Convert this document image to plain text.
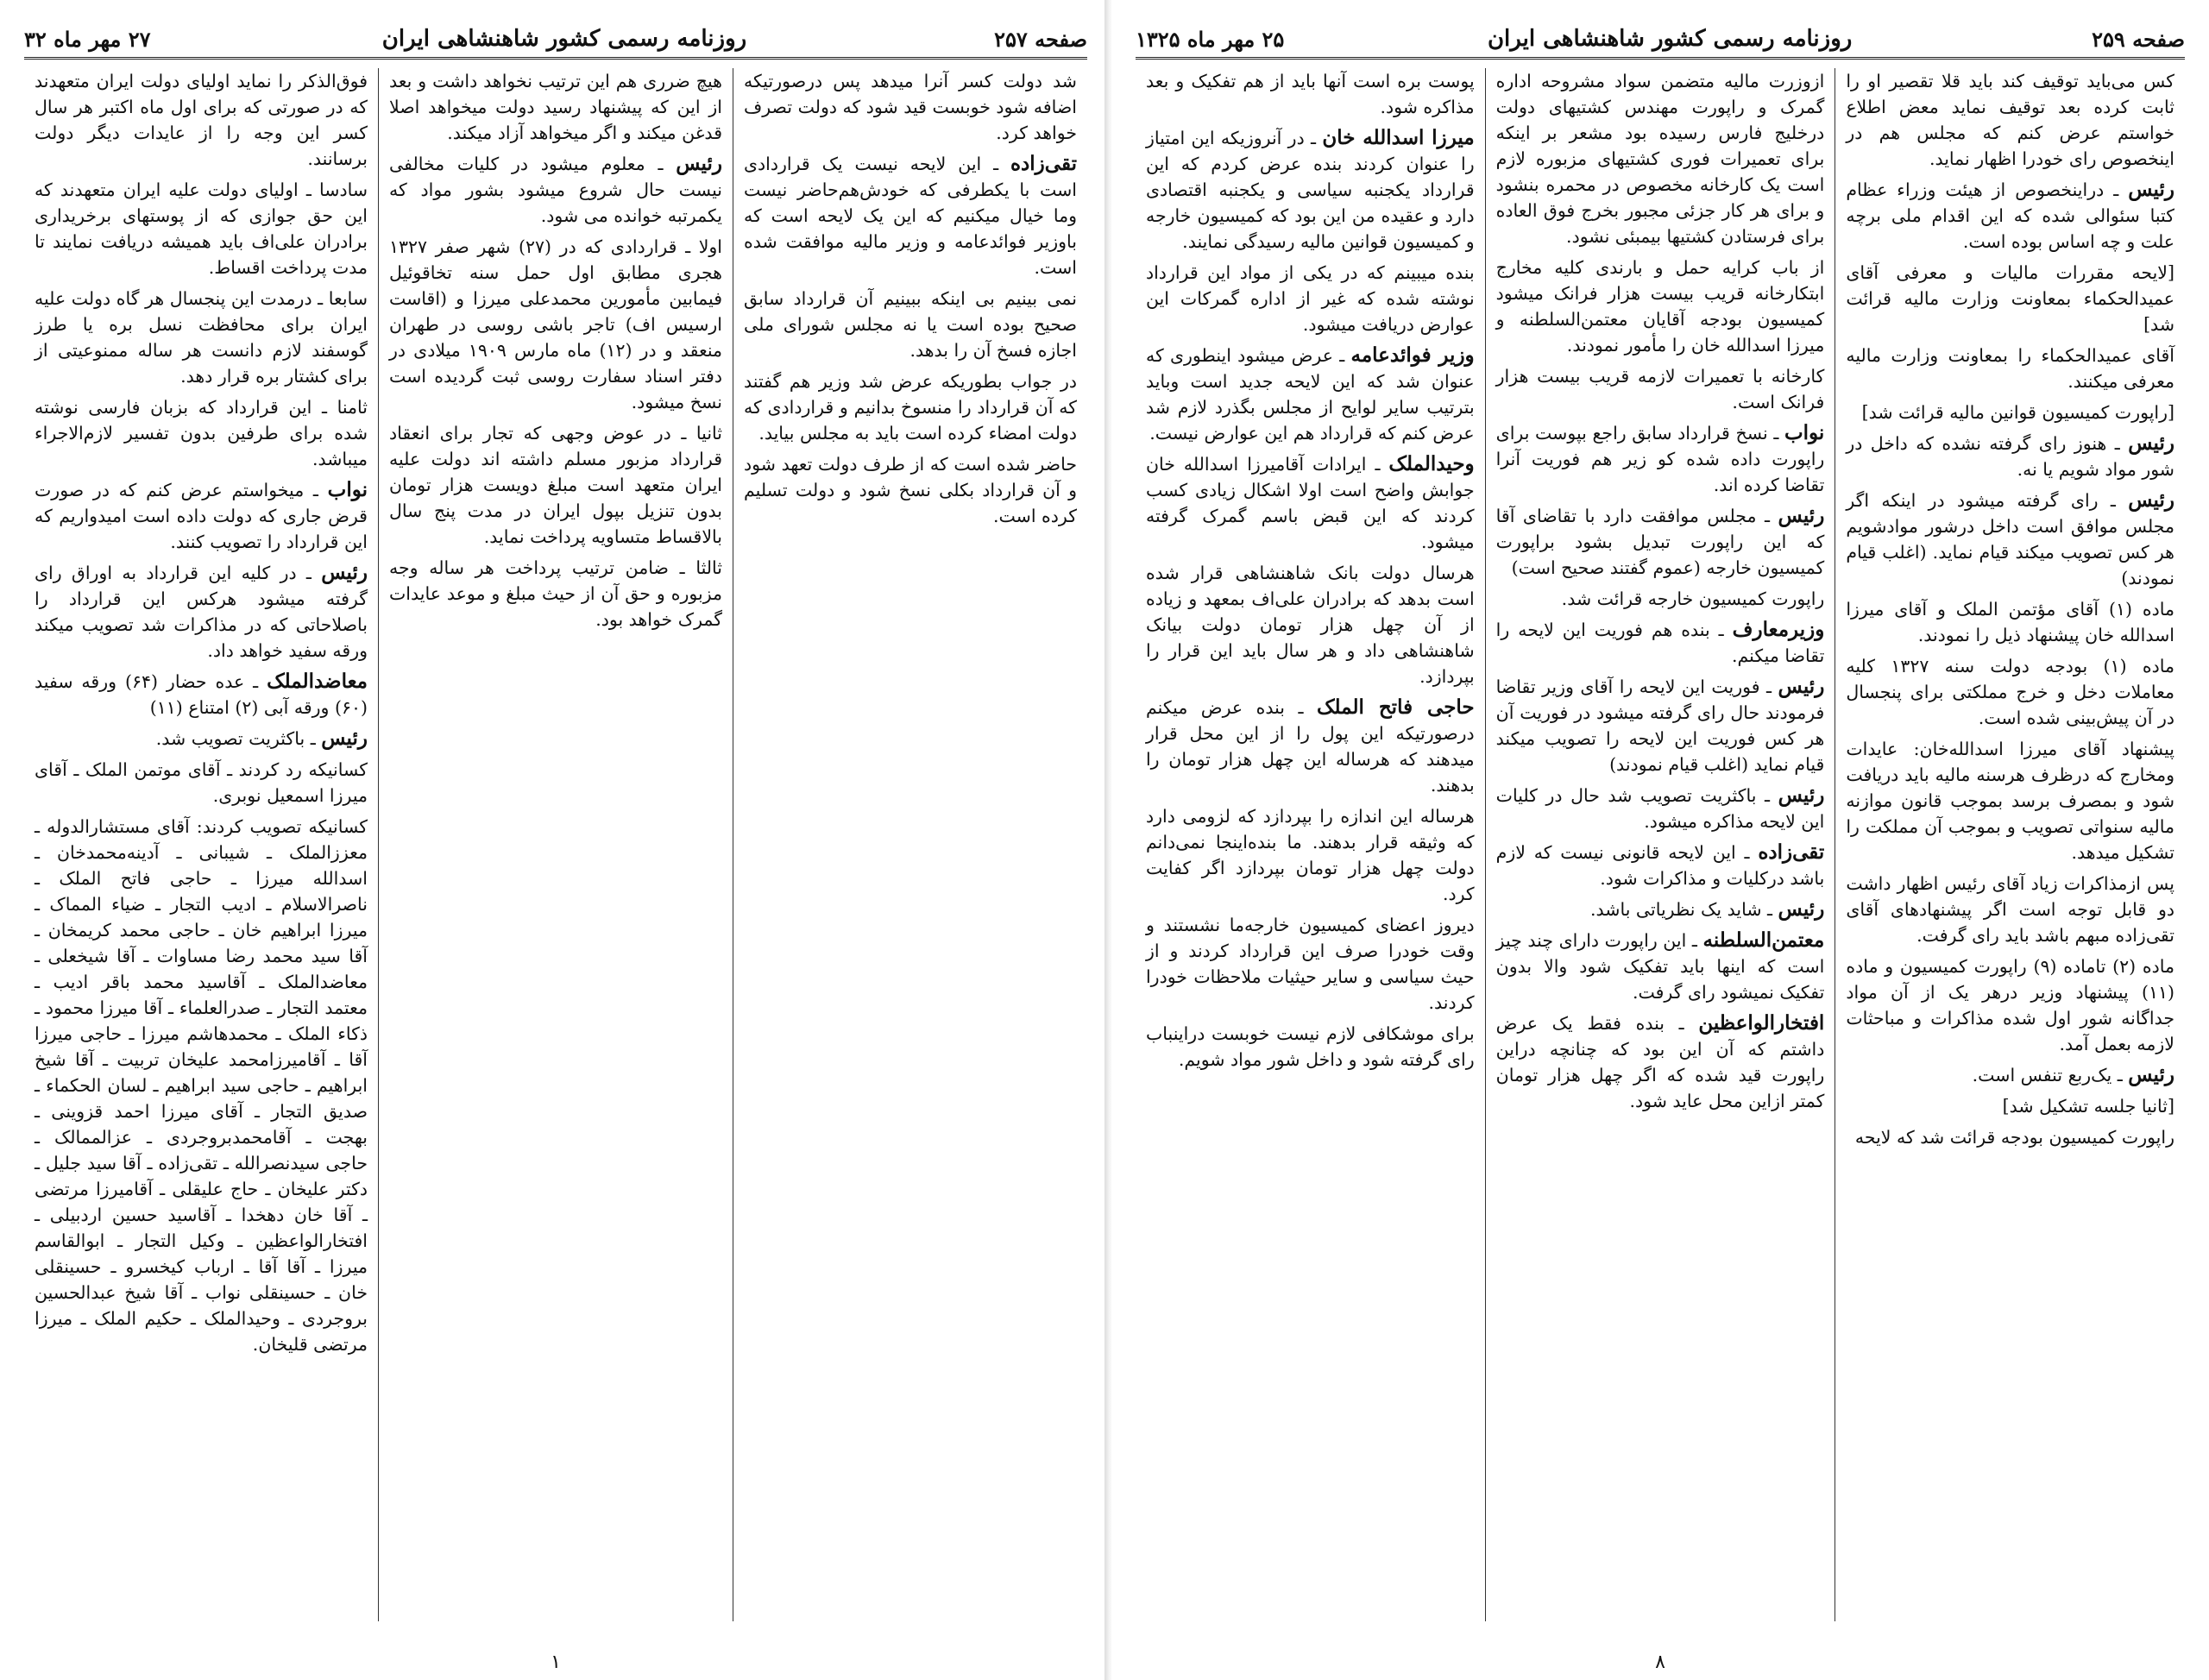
صفحه ۲۵۷
روزنامه رسمی کشور شاهنشاهی ایران
۲۷ مهر ماه ۳۲

شد دولت کسر آنرا میدهد پس درصورتیکه اضافه شود خوبست قید شود که دولت تصرف خواهد کرد.

تقی‌زاده ـ این لایحه نیست یک قراردادی است با یکطرفی که خودش‌هم‌حاضر نیست وما خیال میکنیم که این یک لایحه است که باوزیر فوائدعامه و وزیر مالیه موافقت شده است.

نمی بینیم بی اینکه ببینیم آن قرارداد سابق صحیح بوده است یا نه مجلس شورای ملی اجازه فسخ آن را بدهد.

در جواب بطوریکه عرض شد وزیر هم گفتند که آن قرارداد را منسوخ بدانیم و قراردادی که دولت امضاء کرده است باید به مجلس بیاید.

حاضر شده است که از طرف دولت تعهد شود و آن قرارداد بکلی نسخ شود و دولت تسلیم کرده است.

هیچ ضرری هم این ترتیب نخواهد داشت و بعد از این که پیشنهاد رسید دولت میخواهد اصلا قدغن میکند و اگر میخواهد آزاد میکند.

رئیس ـ معلوم میشود در کلیات مخالفی نیست حال شروع میشود بشور مواد که یکمرتبه خوانده می شود.

اولا ـ قراردادی که در (۲۷) شهر صفر ۱۳۲۷ هجری مطابق اول حمل سنه تخاقوئیل فیمابین مأمورین محمدعلی میرزا و (اقاست ارسیس اف) تاجر باشی روسی در طهران منعقد و در (۱۲) ماه مارس ۱۹۰۹ میلادی در دفتر اسناد سفارت روسی ثبت گردیده است نسخ میشود.

ثانیا ـ در عوض وجهی که تجار برای انعقاد قرارداد مزبور مسلم داشته اند دولت علیه ایران متعهد است مبلغ دویست هزار تومان بدون تنزیل بپول ایران در مدت پنج سال بالاقساط متساویه پرداخت نماید.

ثالثا ـ ضامن ترتیب پرداخت هر ساله وجه مزبوره و حق آن از حیث مبلغ و موعد عایدات گمرک خواهد بود.

فوق‌الذکر را نماید اولیای دولت ایران متعهدند که در صورتی که برای اول ماه اکتبر هر سال کسر این وجه را از عایدات دیگر دولت برسانند.

سادسا ـ اولیای دولت علیه ایران متعهدند که این حق جوازی که از پوستهای برخریداری برادران علی‌اف باید همیشه دریافت نمایند تا مدت پرداخت اقساط.

سابعا ـ درمدت این پنجسال هر گاه دولت علیه ایران برای محافظت نسل بره یا طرز گوسفند لازم دانست هر ساله ممنوعیتی از برای کشتار بره قرار دهد.

ثامنا ـ این قرارداد که بزبان فارسی نوشته شده برای طرفین بدون تفسیر لازم‌الاجراء میباشد.

نواب ـ میخواستم عرض کنم که در صورت قرض جاری که دولت داده است امیدواریم که این قرارداد را تصویب کنند.

رئیس ـ در کلیه این قرارداد به اوراق رای گرفته میشود هرکس این قرارداد را باصلاحاتی که در مذاکرات شد تصویب میکند ورقه سفید خواهد داد.

معاضدالملک ـ عده حضار (۶۴) ورقه سفید (۶۰) ورقه آبی (۲) امتناع (۱۱)

رئیس ـ باکثریت تصویب شد.

کسانیکه رد کردند ـ آقای موتمن الملک ـ آقای میرزا اسمعیل نوبری.

کسانیکه تصویب کردند: آقای مستشارالدوله ـ معززالملک ـ شیبانی ـ آدینه‌محمدخان ـ اسدالله میرزا ـ حاجی فاتح الملک ـ ناصرالاسلام ـ ادیب التجار ـ ضیاء المماک ـ میرزا ابراهیم خان ـ حاجی محمد کریمخان ـ آقا سید محمد رضا مساوات ـ آقا شیخعلی ـ معاضدالملک ـ آقاسید محمد باقر ادیب ـ معتمد التجار ـ صدرالعلماء ـ آقا میرزا محمود ـ ذکاء الملک ـ محمدهاشم میرزا ـ حاجی میرزا آقا ـ آقامیرزامحمد علیخان تربیت ـ آقا شیخ ابراهیم ـ حاجی سید ابراهیم ـ لسان الحکماء ـ صدیق التجار ـ آقای میرزا احمد قزوینی ـ بهجت ـ آقامحمدبروجردی ـ عزالممالک ـ حاجی سیدنصرالله ـ تقی‌زاده ـ آقا سید جلیل ـ دکتر علیخان ـ حاج علیقلی ـ آقامیرزا مرتضی ـ آقا خان دهخدا ـ آقاسید حسین اردبیلی ـ افتخارالواعظین ـ وکیل التجار ـ ابوالقاسم میرزا ـ آقا آقا ـ ارباب کیخسرو ـ حسینقلی خان ـ حسینقلی نواب ـ آقا شیخ عبدالحسین بروجردی ـ وحیدالملک ـ حکیم الملک ـ میرزا مرتضی قلیخان.

۱
صفحه ۲۵۹
روزنامه رسمی کشور شاهنشاهی ایران
۲۵ مهر ماه ۱۳۲۵

کس می‌باید توقیف کند باید قلا تقصیر او را ثابت کرده بعد توقیف نماید معض اطلاع خواستم عرض کنم که مجلس هم در اینخصوص رای خودرا اظهار نماید.

رئیس ـ دراینخصوص از هیئت وزراء عظام کتبا سئوالی شده که این اقدام ملی برچه علت و چه اساس بوده است.

[لایحه مقررات مالیات و معرفی آقای عمیدالحکماء بمعاونت وزارت مالیه قرائت شد]

آقای عمیدالحکماء را بمعاونت وزارت مالیه معرفی میکنند.

[راپورت کمیسیون قوانین مالیه قرائت شد]

رئیس ـ هنوز رای گرفته نشده که داخل در شور مواد شویم یا نه.

رئیس ـ رای گرفته میشود در اینکه اگر مجلس موافق است داخل درشور موادشویم هر کس تصویب میکند قیام نماید. (اغلب قیام نمودند)

ماده (۱) آقای مؤتمن الملک و آقای میرزا اسدالله خان پیشنهاد ذیل را نمودند.

ماده (۱) بودجه دولت سنه ۱۳۲۷ کلیه معاملات دخل و خرج مملکتی برای پنجسال در آن پیش‌بینی شده است.

پیشنهاد آقای میرزا اسدالله‌خان: عایدات ومخارج که درظرف هرسنه مالیه باید دریافت شود و بمصرف برسد بموجب قانون موازنه مالیه سنواتی تصویب و بموجب آن مملکت را تشکیل میدهد.

پس ازمذاکرات زیاد آقای رئیس اظهار داشت دو قابل توجه است اگر پیشنهادهای آقای تقی‌زاده مبهم باشد باید رای گرفت.

ماده (۲) تاماده (۹) راپورت کمیسیون و ماده (۱۱) پیشنهاد وزیر درهر یک از آن مواد جداگانه شور اول شده مذاکرات و مباحثات لازمه بعمل آمد.

رئیس ـ یک‌ربع تنفس است.

[ثانیا جلسه تشکیل شد]

راپورت کمیسیون بودجه قرائت شد که لایحه

ازوزرت مالیه متضمن سواد مشروحه اداره گمرک و راپورت مهندس کشتیهای دولت درخلیج فارس رسیده بود مشعر بر اینکه برای تعمیرات فوری کشتیهای مزبوره لازم است یک کارخانه مخصوص در محمره بنشود و برای هر کار جزئی مجبور بخرج فوق العاده برای فرستادن کشتیها بیمبئی نشود.

از باب کرایه حمل و بارندی کلیه مخارج ابتکارخانه قریب بیست هزار فرانک میشود کمیسیون بودجه آقایان معتمن‌السلطنه و میرزا اسدالله خان را مأمور نمودند.

کارخانه با تعمیرات لازمه قریب بیست هزار فرانک است.

نواب ـ نسخ قرارداد سابق راجع بپوست برای راپورت داده شده کو زیر هم فوریت آنرا تقاضا کرده اند.

رئیس ـ مجلس موافقت دارد با تقاضای آقا که این راپورت تبدیل بشود براپورت کمیسیون خارجه (عموم گفتند صحیح است)

راپورت کمیسیون خارجه قرائت شد.

وزیرمعارف ـ بنده هم فوریت این لایحه را تقاضا میکنم.

رئیس ـ فوریت این لایحه را آقای وزیر تقاضا فرمودند حال رای گرفته میشود در فوریت آن هر کس فوریت این لایحه را تصویب میکند قیام نماید (اغلب قیام نمودند)

رئیس ـ باکثریت تصویب شد حال در کلیات این لایحه مذاکره میشود.

تقی‌زاده ـ این لایحه قانونی نیست که لازم باشد درکلیات و مذاکرات شود.

رئیس ـ شاید یک نظریاتی باشد.

معتمن‌السلطنه ـ این راپورت دارای چند چیز است که اینها باید تفکیک شود والا بدون تفکیک نمیشود رای گرفت.

افتخارالواعظین ـ بنده فقط یک عرض داشتم که آن این بود که چنانچه دراین راپورت قید شده که اگر چهل هزار تومان کمتر ازاین محل عاید شود.

پوست بره است آنها باید از هم تفکیک و بعد مذاکره شود.

میرزا اسدالله خان ـ در آنروزیکه این امتیاز را عنوان کردند بنده عرض کردم که این قرارداد یکجنبه سیاسی و یکجنبه اقتصادی دارد و عقیده من این بود که کمیسیون خارجه و کمیسیون قوانین مالیه رسیدگی نمایند.

بنده میبینم که در یکی از مواد این قرارداد نوشته شده که غیر از اداره گمرکات این عوارض دریافت میشود.

وزیر فوائدعامه ـ عرض میشود اینطوری که عنوان شد که این لایحه جدید است وباید بترتیب سایر لوایح از مجلس بگذرد لازم شد عرض کنم که قرارداد هم این عوارض نیست.

وحیدالملک ـ ایرادات آقامیرزا اسدالله خان جوابش واضح است اولا اشکال زیادی کسب کردند که این قبض باسم گمرک گرفته میشود.

هرسال دولت بانک شاهنشاهی قرار شده است بدهد که برادران علی‌اف بمعهد و زیاده از آن چهل هزار تومان دولت بیانک شاهنشاهی داد و هر سال باید این قرار را بپردازد.

حاجی فاتح الملک ـ بنده عرض میکنم درصورتیکه این پول را از این محل قرار میدهند که هرساله این چهل هزار تومان را بدهند.

هرساله این اندازه را بپردازد که لزومی دارد که وثیقه قرار بدهند. ما بنده‌اینجا نمی‌دانم دولت چهل هزار تومان بپردازد اگر کفایت کرد.

دیروز اعضای کمیسیون خارجه‌ما نشستند و وقت خودرا صرف این قرارداد کردند و از حیث سیاسی و سایر حیثیات ملاحظات خودرا کردند.

برای موشکافی لازم نیست خوبست دراینباب رای گرفته شود و داخل شور مواد شویم.

۸
